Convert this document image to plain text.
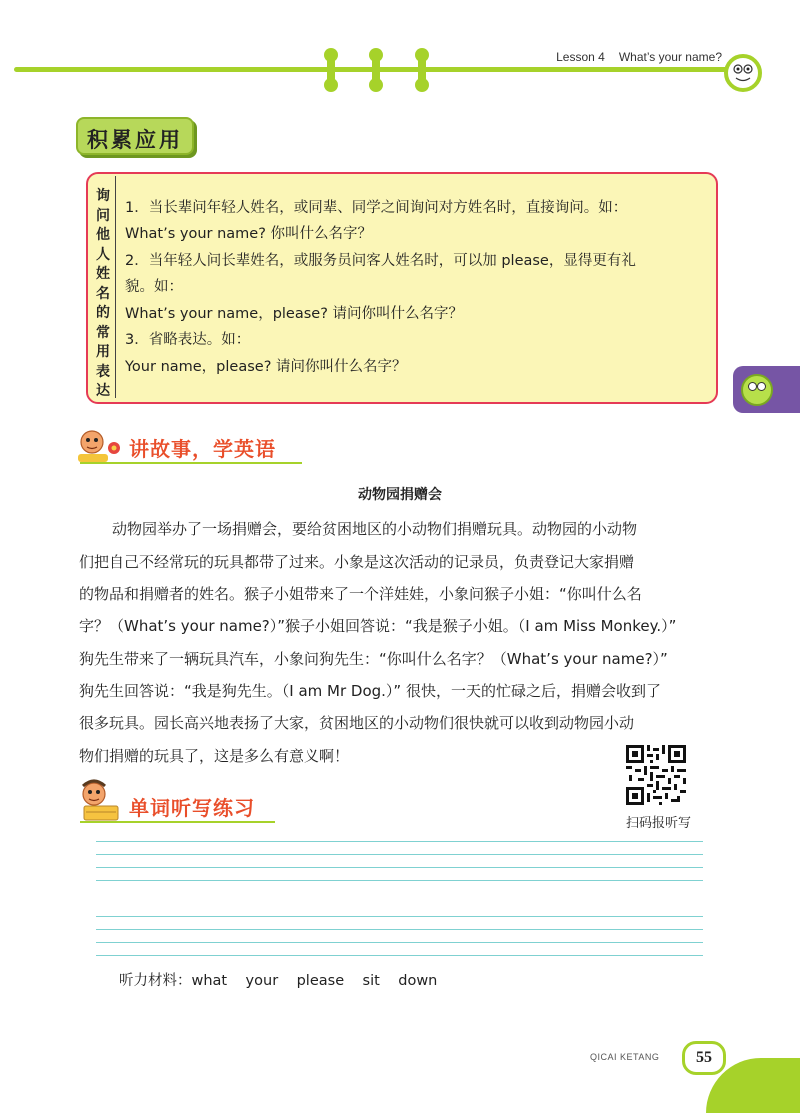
Lesson 4 What’s your name?
积累应用
询
问
他
人
姓
名
的
常
用
表
达
1．当长辈问年轻人姓名，或同辈、同学之间询问对方姓名时，直接询问。如：
What’s your name? 你叫什么名字？
2．当年轻人问长辈姓名，或服务员问客人姓名时，可以加 please，显得更有礼
貌。如：
What’s your name，please? 请问你叫什么名字？
3．省略表达。如：
Your name，please? 请问你叫什么名字？
讲故事，学英语
动物园捐赠会
动物园举办了一场捐赠会，要给贫困地区的小动物们捐赠玩具。动物园的小动物
们把自己不经常玩的玩具都带了过来。小象是这次活动的记录员，负责登记大家捐赠
的物品和捐赠者的姓名。猴子小姐带来了一个洋娃娃，小象问猴子小姐：“你叫什么名
字？（What’s your name?）”猴子小姐回答说：“我是猴子小姐。（I am Miss Monkey.）”
狗先生带来了一辆玩具汽车，小象问狗先生：“你叫什么名字？（What’s your name?）”
狗先生回答说：“我是狗先生。（I am Mr Dog.）” 很快，一天的忙碌之后，捐赠会收到了
很多玩具。园长高兴地表扬了大家，贫困地区的小动物们很快就可以收到动物园小动
物们捐赠的玩具了，这是多么有意义啊！
扫码报听写
单词听写练习
听力材料：what    your    please    sit    down
QICAI KETANG	55
